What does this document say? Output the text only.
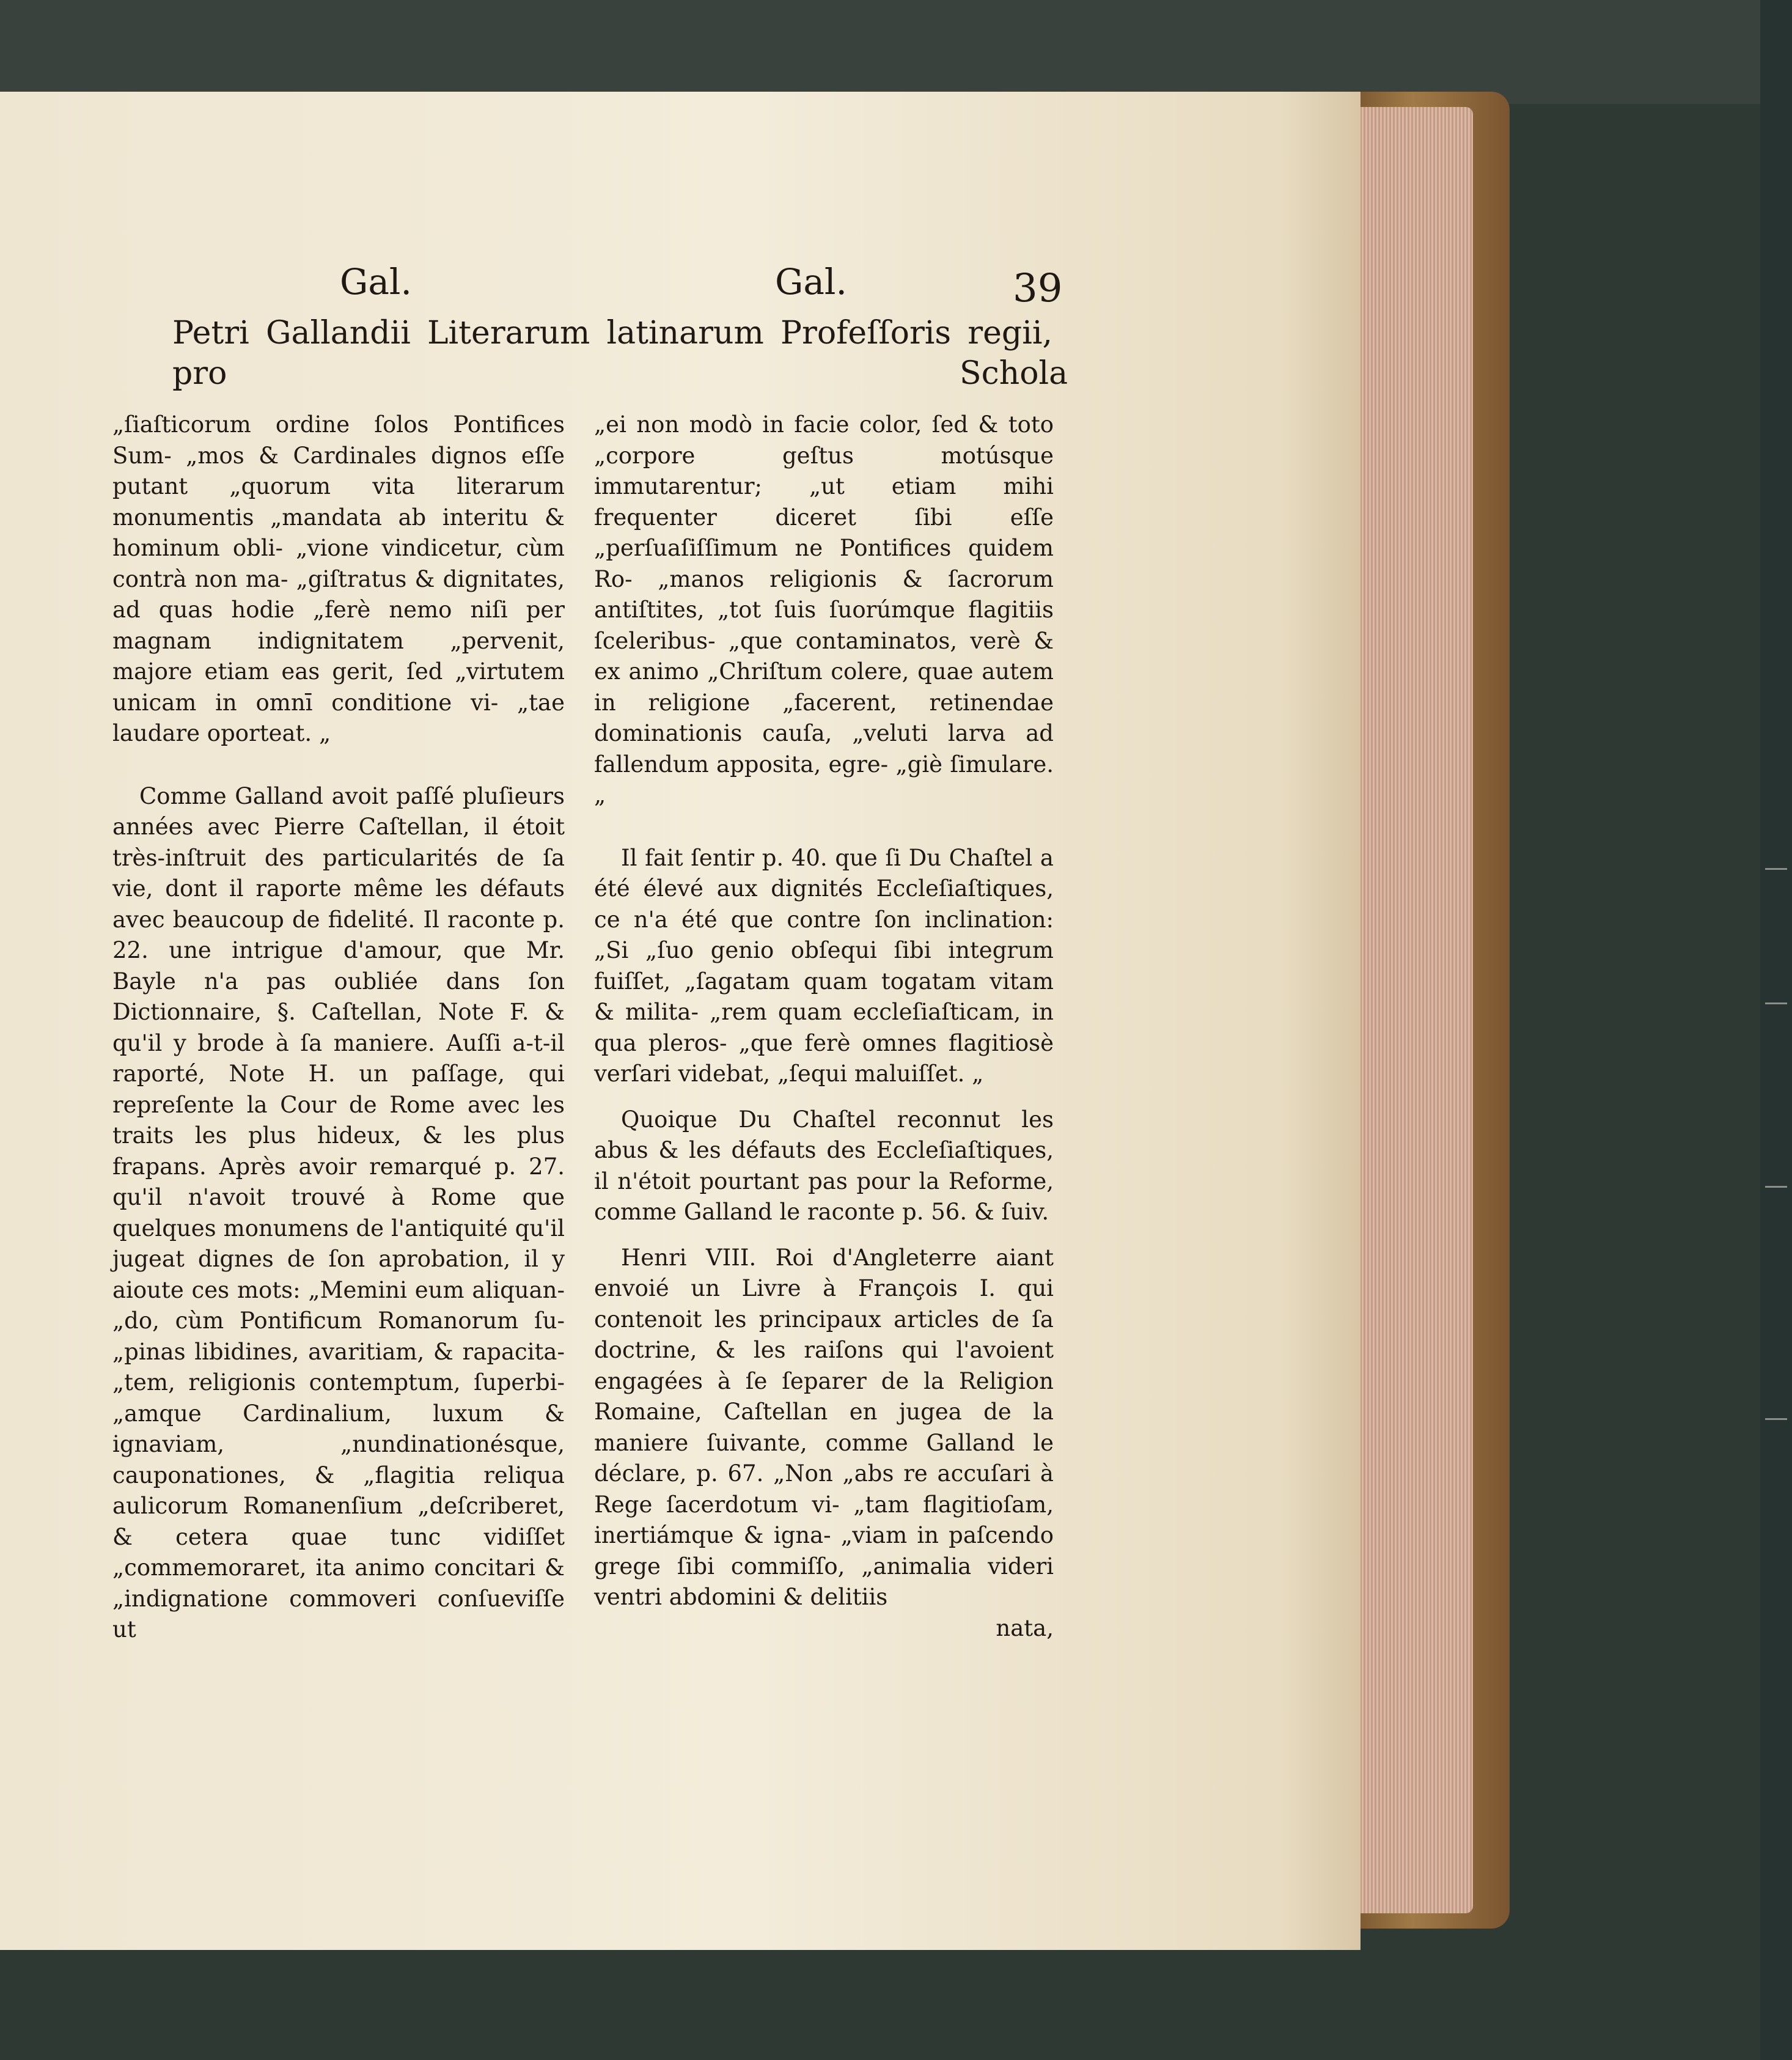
Gal.	Gal.	39
Petri Gallandii Literarum latinarum Profeſſoris regii, pro	Schola

„ſiaſticorum ordine ſolos Pontifices Sum- „mos & Cardinales dignos eſſe putant „quorum vita literarum monumentis „mandata ab interitu & hominum obli- „vione vindicetur, cùm contrà non ma- „giſtratus & dignitates, ad quas hodie „ferè nemo niſi per magnam indignitatem „pervenit, majore etiam eas gerit, ſed „virtutem unicam in omnī conditione vi- „tae laudare oporteat. „

Comme Galland avoit paſſé pluſieurs années avec Pierre Caſtellan, il étoit très-inſtruit des particularités de ſa vie, dont il raporte même les défauts avec beaucoup de fidelité. Il raconte p. 22. une intrigue d'amour, que Mr. Bayle n'a pas oubliée dans ſon Dictionnaire, §. Caſtellan, Note F. & qu'il y brode à ſa maniere. Auſſi a-t-il raporté, Note H. un paſſage, qui repreſente la Cour de Rome avec les traits les plus hideux, & les plus frapans. Après avoir remarqué p. 27. qu'il n'avoit trouvé à Rome que quelques monumens de l'antiquité qu'il jugeat dignes de ſon aprobation, il y aioute ces mots: „Memini eum aliquan- „do, cùm Pontificum Romanorum ſu- „pinas libidines, avaritiam, & rapacita- „tem, religionis contemptum, ſuperbi- „amque Cardinalium, luxum & ignaviam, „nundinationésque, cauponationes, & „flagitia reliqua aulicorum Romanenſium „deſcriberet, & cetera quae tunc vidiſſet „commemoraret, ita animo concitari & „indignatione commoveri conſueviſſe ut

„ei non modò in facie color, ſed & toto „corpore geſtus motúsque immutarentur; „ut etiam mihi frequenter diceret ſibi eſſe „perſuaſiſſimum ne Pontifices quidem Ro- „manos religionis & ſacrorum antiſtites, „tot ſuis ſuorúmque flagitiis ſceleribus- „que contaminatos, verè & ex animo „Chriſtum colere, quae autem in religione „facerent, retinendae dominationis cauſa, „veluti larva ad fallendum apposita, egre- „giè ſimulare. „

Il fait ſentir p. 40. que ſi Du Chaſtel a été élevé aux dignités Eccleſiaſtiques, ce n'a été que contre ſon inclination: „Si „ſuo genio obſequi ſibi integrum fuiſſet, „ſagatam quam togatam vitam & milita- „rem quam eccleſiaſticam, in qua pleros- „que ferè omnes flagitiosè verſari videbat, „ſequi maluiſſet. „

Quoique Du Chaſtel reconnut les abus & les défauts des Eccleſiaſtiques, il n'étoit pourtant pas pour la Reforme, comme Galland le raconte p. 56. & ſuiv.

Henri VIII. Roi d'Angleterre aiant envoié un Livre à François I. qui contenoit les principaux articles de ſa doctrine, & les raiſons qui l'avoient engagées à ſe ſeparer de la Religion Romaine, Caſtellan en jugea de la maniere ſuivante, comme Galland le déclare, p. 67. „Non „abs re accuſari à Rege ſacerdotum vi- „tam flagitioſam, inertiámque & igna- „viam in paſcendo grege ſibi commiſſo, „animalia videri ventri abdomini & delitiis

nata,
